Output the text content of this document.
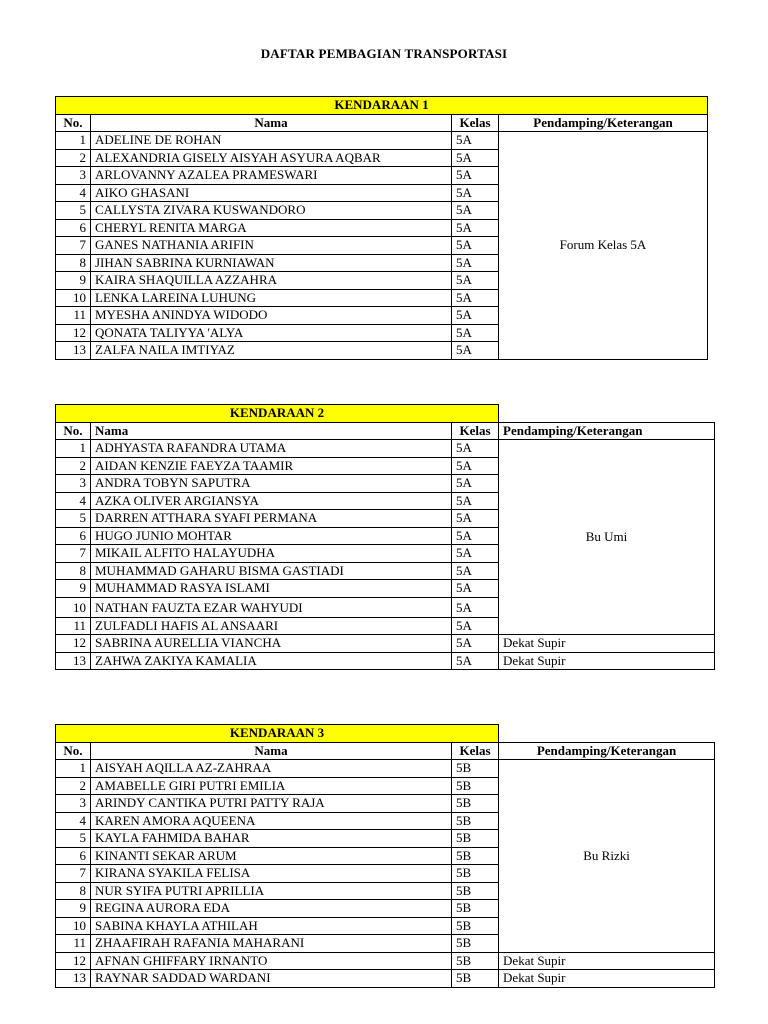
DAFTAR PEMBAGIAN TRANSPORTASI
KENDARAAN 1			
No.	Nama	Kelas	Pendamping/Keterangan
1	ADELINE DE ROHAN	5A	Forum Kelas 5A
2	ALEXANDRIA GISELY AISYAH ASYURA AQBAR	5A	
3	ARLOVANNY AZALEA PRAMESWARI	5A	
4	AIKO GHASANI	5A	
5	CALLYSTA ZIVARA KUSWANDORO	5A	
6	CHERYL RENITA MARGA	5A	
7	GANES NATHANIA ARIFIN	5A	
8	JIHAN SABRINA KURNIAWAN	5A	
9	KAIRA SHAQUILLA AZZAHRA	5A	
10	LENKA LAREINA LUHUNG	5A	
11	MYESHA ANINDYA WIDODO	5A	
12	QONATA TALIYYA 'ALYA	5A	
13	ZALFA NAILA IMTIYAZ	5A	
KENDARAAN 2			
No.	Nama	Kelas	Pendamping/Keterangan
1	ADHYASTA RAFANDRA UTAMA	5A	Bu Umi
2	AIDAN KENZIE FAEYZA TAAMIR	5A	
3	ANDRA TOBYN SAPUTRA	5A	
4	AZKA OLIVER ARGIANSYA	5A	
5	DARREN ATTHARA SYAFI PERMANA	5A	
6	HUGO JUNIO MOHTAR	5A	
7	MIKAIL ALFITO HALAYUDHA	5A	
8	MUHAMMAD GAHARU BISMA GASTIADI	5A	
9	MUHAMMAD RASYA ISLAMI	5A	
10	NATHAN FAUZTA EZAR WAHYUDI	5A	
11	ZULFADLI HAFIS AL ANSAARI	5A	
12	SABRINA AURELLIA VIANCHA	5A	Dekat Supir
13	ZAHWA ZAKIYA KAMALIA	5A	Dekat Supir
KENDARAAN 3			
No.	Nama	Kelas	Pendamping/Keterangan
1	AISYAH AQILLA AZ-ZAHRAA	5B	Bu Rizki
2	AMABELLE GIRI PUTRI EMILIA	5B	
3	ARINDY CANTIKA PUTRI PATTY RAJA	5B	
4	KAREN AMORA AQUEENA	5B	
5	KAYLA FAHMIDA BAHAR	5B	
6	KINANTI SEKAR ARUM	5B	
7	KIRANA SYAKILA FELISA	5B	
8	NUR SYIFA PUTRI APRILLIA	5B	
9	REGINA AURORA EDA	5B	
10	SABINA KHAYLA ATHILAH	5B	
11	ZHAAFIRAH RAFANIA MAHARANI	5B	
12	AFNAN GHIFFARY IRNANTO	5B	Dekat Supir
13	RAYNAR SADDAD WARDANI	5B	Dekat Supir
